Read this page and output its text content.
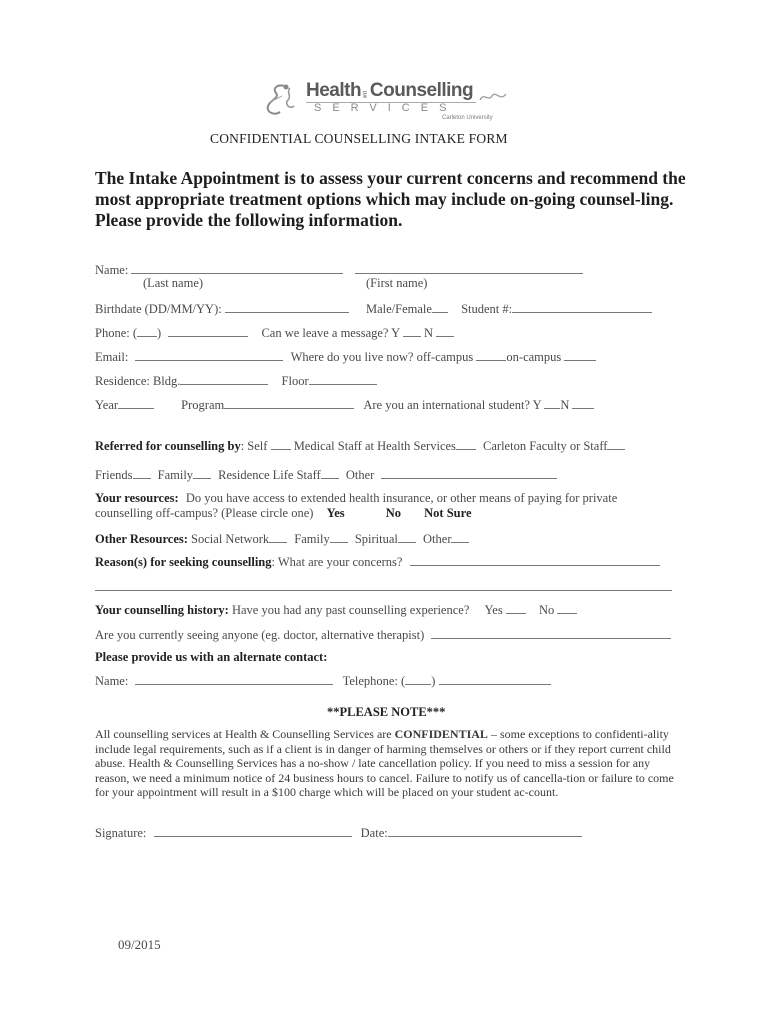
HealthandCounselling
SERVICES
Carleton University
CONFIDENTIAL COUNSELLING INTAKE FORM
The Intake Appointment is to assess your current concerns and recommend the most appropriate treatment options which may include on-going counsel-ling. Please provide the following information.
Name:
(Last name)	(First name)
Birthdate (DD/MM/YY):	Male/Female Student #:
Phone: ( )	Can we leave a message? Y N
Email:	Where do you live now? off-campus	on-campus
Residence: Bldg.	Floor
Year	Program	Are you an international student? Y N
Referred for counselling by: Self Medical Staff at Health Services Carleton Faculty or Staff
Friends Family Residence Life Staff Other
Your resources: Do you have access to extended health insurance, or other means of paying for private
counselling off-campus? (Please circle one) Yes	No Not Sure
Other Resources: Social Network Family Spiritual Other
Reason(s) for seeking counselling: What are your concerns?
Your counselling history: Have you had any past counselling experience? Yes	No
Are you currently seeing anyone (eg. doctor, alternative therapist)
Please provide us with an alternate contact:
Name:	Telephone: ( )
**PLEASE NOTE***
All counselling services at Health & Counselling Services are CONFIDENTIAL – some exceptions to confidenti-ality include legal requirements, such as if a client is in danger of harming themselves or others or if they report current child abuse. Health & Counselling Services has a no-show / late cancellation policy. If you need to miss a session for any reason, we need a minimum notice of 24 business hours to cancel. Failure to notify us of cancella-tion or failure to come for your appointment will result in a $100 charge which will be placed on your student ac-count.
Signature:	Date:
09/2015
